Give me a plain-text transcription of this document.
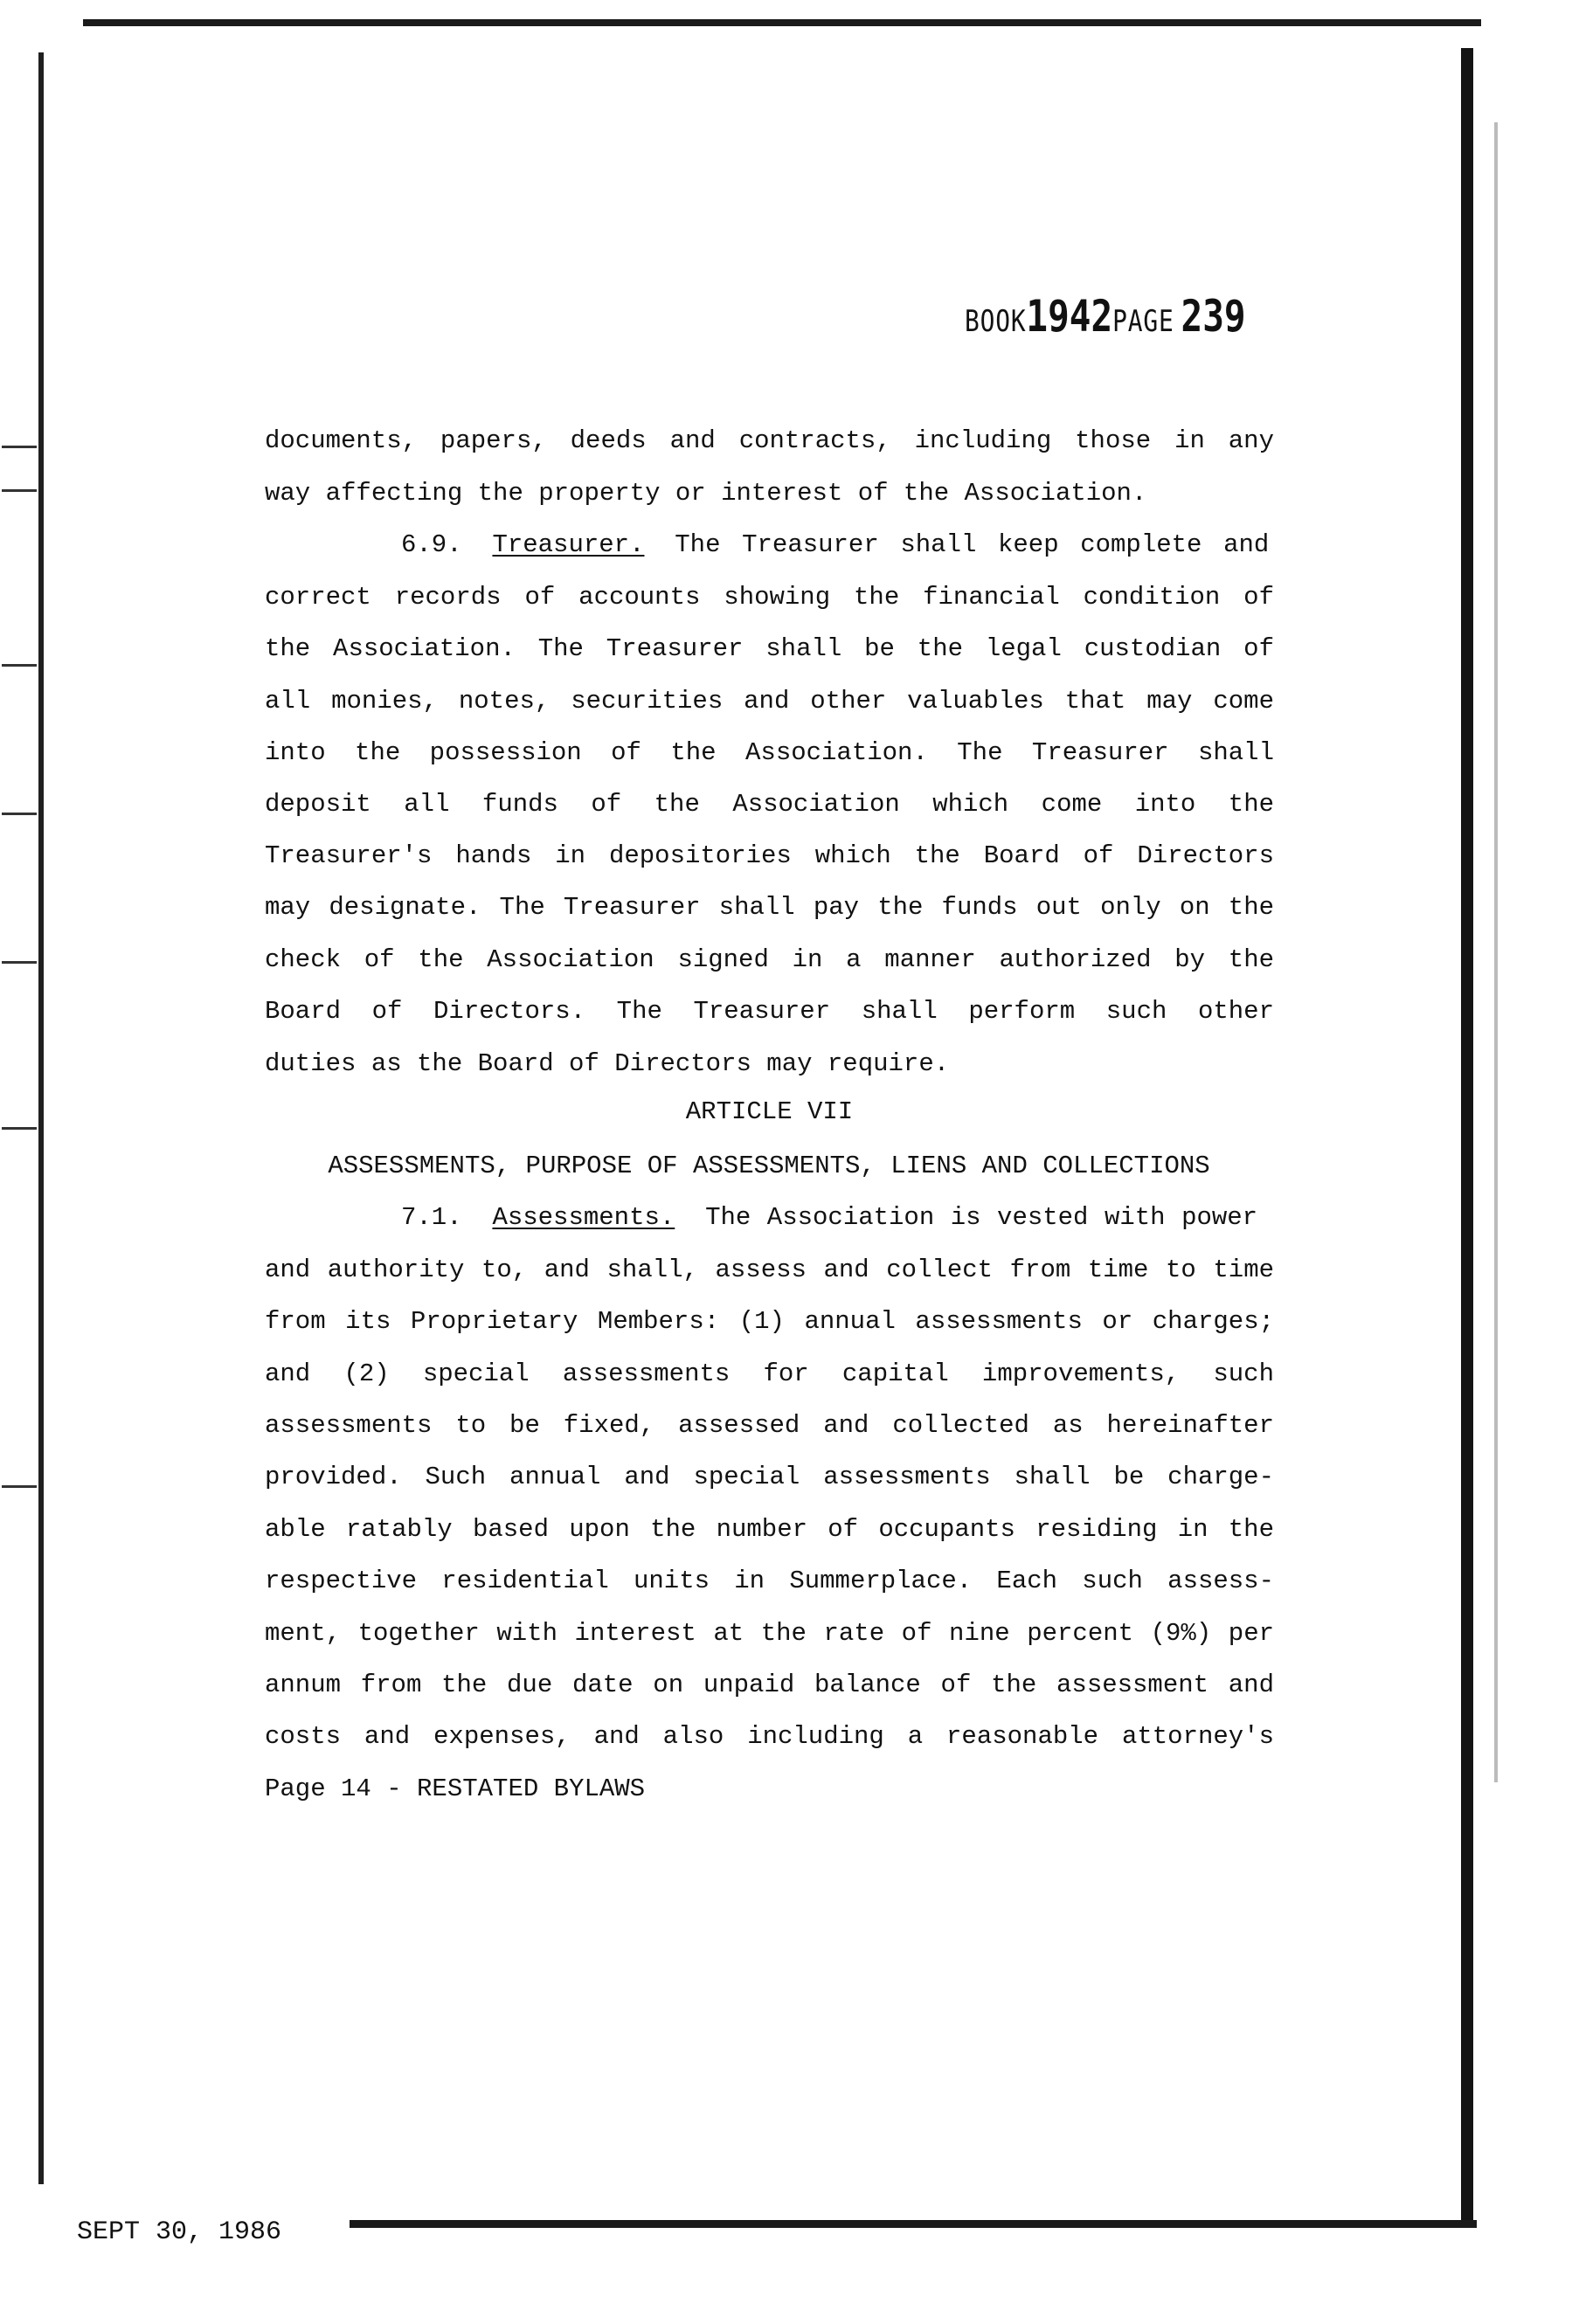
BOOK1942PAGE 239
documents, papers, deeds and contracts, including those in any
way affecting the property or interest of the Association.
6.9. Treasurer. The Treasurer shall keep complete and
correct records of accounts showing the financial condition of
the Association. The Treasurer shall be the legal custodian of
all monies, notes, securities and other valuables that may come
into the possession of the Association. The Treasurer shall
deposit all funds of the Association which come into the
Treasurer's hands in depositories which the Board of Directors
may designate. The Treasurer shall pay the funds out only on the
check of the Association signed in a manner authorized by the
Board of Directors. The Treasurer shall perform such other
duties as the Board of Directors may require.
ARTICLE VII
ASSESSMENTS, PURPOSE OF ASSESSMENTS, LIENS AND COLLECTIONS
7.1. Assessments. The Association is vested with power
and authority to, and shall, assess and collect from time to time
from its Proprietary Members: (1) annual assessments or charges;
and (2) special assessments for capital improvements, such
assessments to be fixed, assessed and collected as hereinafter
provided. Such annual and special assessments shall be charge-
able ratably based upon the number of occupants residing in the
respective residential units in Summerplace. Each such assess-
ment, together with interest at the rate of nine percent (9%) per
annum from the due date on unpaid balance of the assessment and
costs and expenses, and also including a reasonable attorney's
Page 14 - RESTATED BYLAWS
SEPT 30, 1986
